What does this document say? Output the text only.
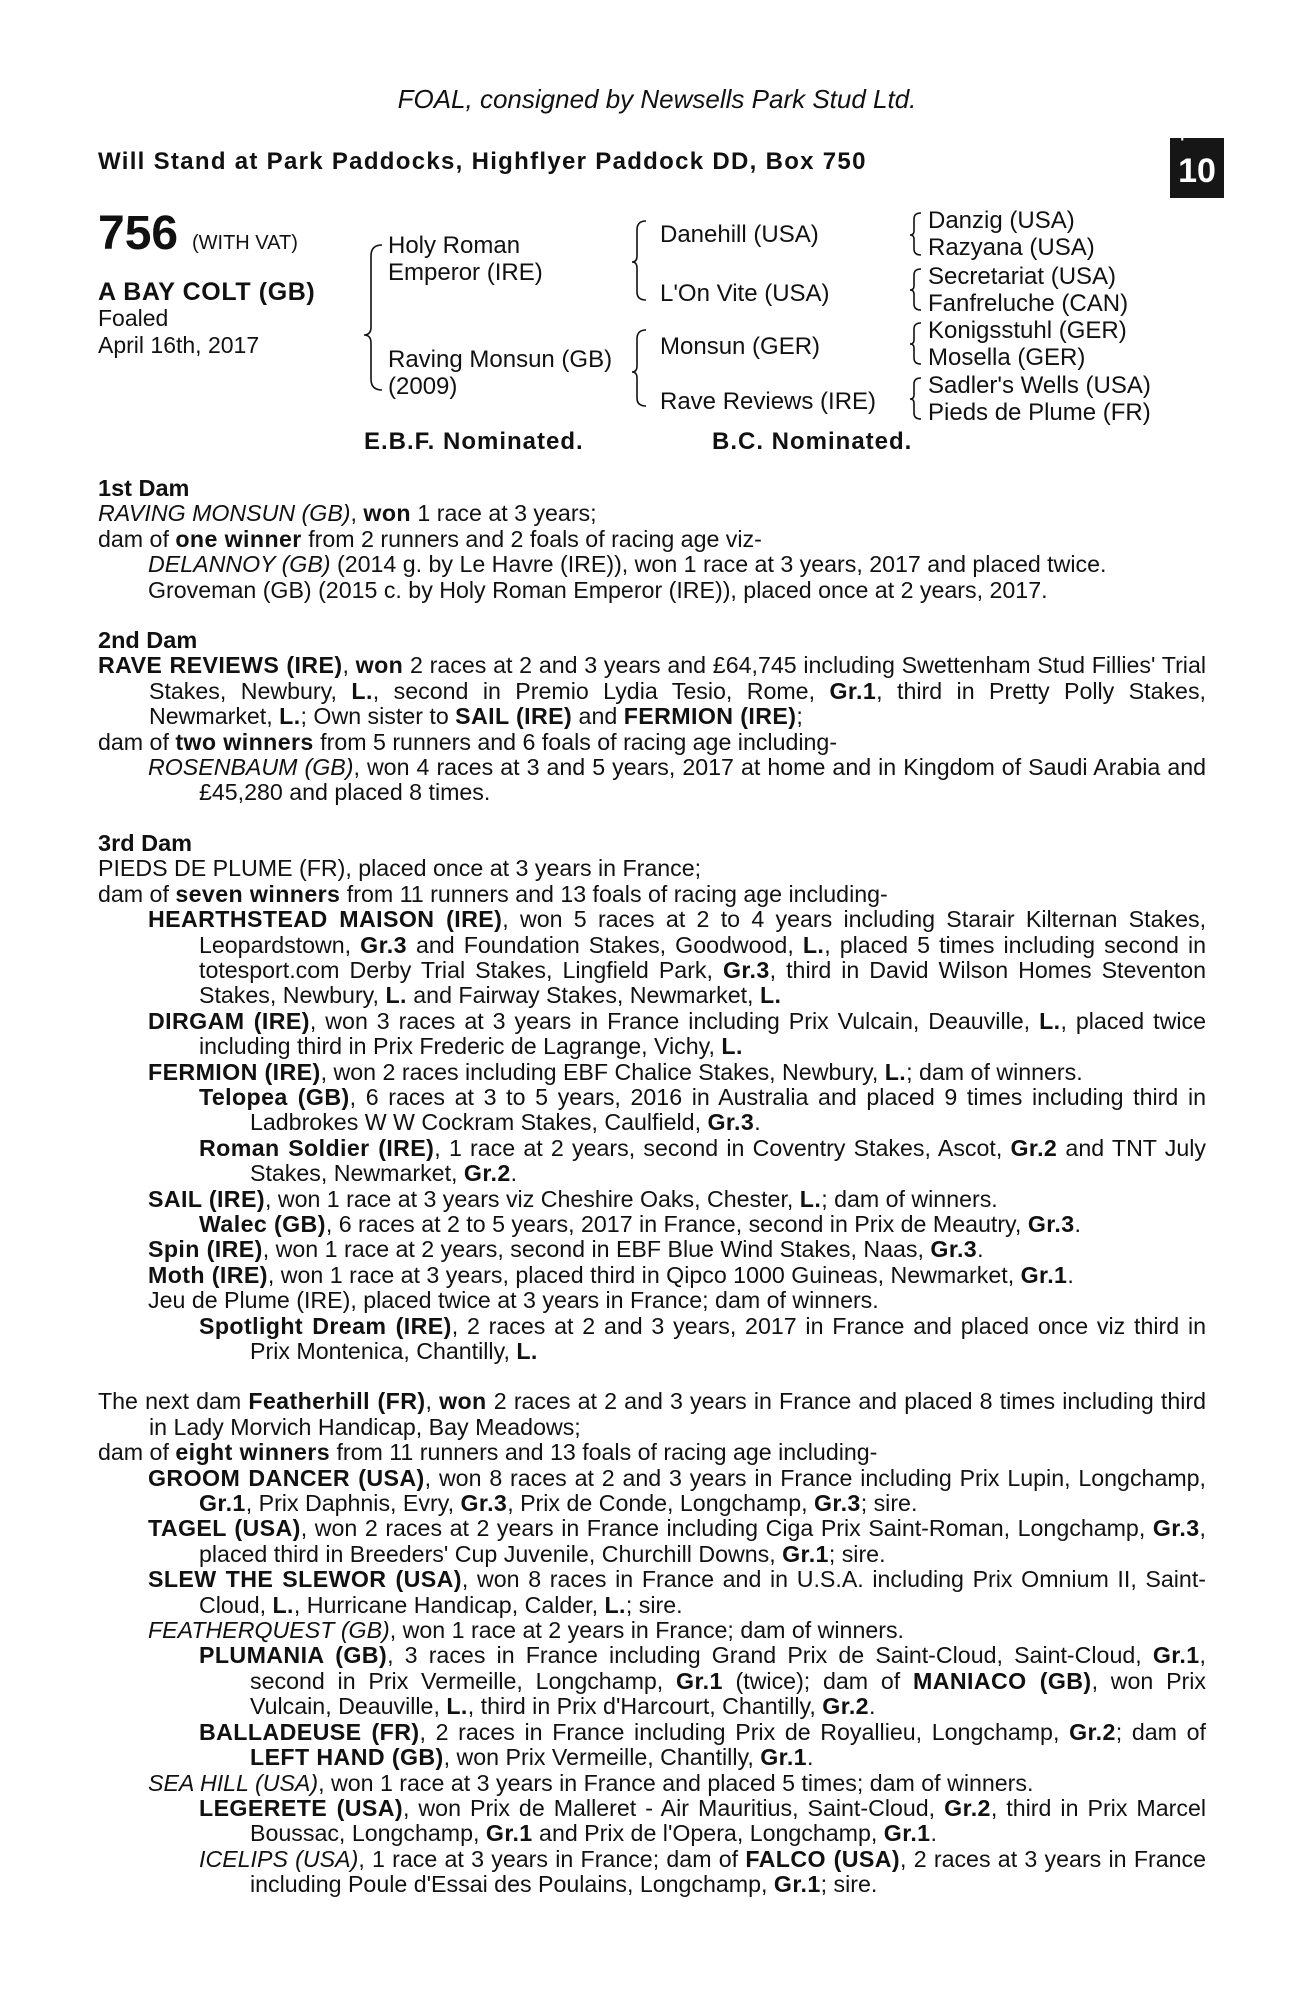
FOAL, consigned by Newsells Park Stud Ltd.
Will Stand at Park Paddocks, Highflyer Paddock DD, Box 750
+
10
756 (WITH VAT)
A BAY COLT (GB)
Foaled
April 16th, 2017
Holy Roman
Emperor (IRE)
Raving Monsun (GB)
(2009)
Danehill (USA)
L'On Vite (USA)
Monsun (GER)
Rave Reviews (IRE)
Danzig (USA)
Razyana (USA)
Secretariat (USA)
Fanfreluche (CAN)
Konigsstuhl (GER)
Mosella (GER)
Sadler's Wells (USA)
Pieds de Plume (FR)
E.B.F. Nominated.	B.C. Nominated.

1st Dam

RAVING MONSUN (GB), won 1 race at 3 years;

dam of one winner from 2 runners and 2 foals of racing age viz-

DELANNOY (GB) (2014 g. by Le Havre (IRE)), won 1 race at 3 years, 2017 and placed twice.

Groveman (GB) (2015 c. by Holy Roman Emperor (IRE)), placed once at 2 years, 2017.

2nd Dam

RAVE REVIEWS (IRE), won 2 races at 2 and 3 years and £64,745 including Swettenham Stud Fillies' Trial Stakes, Newbury, L., second in Premio Lydia Tesio, Rome, Gr.1, third in Pretty Polly Stakes, Newmarket, L.; Own sister to SAIL (IRE) and FERMION (IRE);

dam of two winners from 5 runners and 6 foals of racing age including-

ROSENBAUM (GB), won 4 races at 3 and 5 years, 2017 at home and in Kingdom of Saudi Arabia and £45,280 and placed 8 times.

3rd Dam

PIEDS DE PLUME (FR), placed once at 3 years in France;

dam of seven winners from 11 runners and 13 foals of racing age including-

HEARTHSTEAD MAISON (IRE), won 5 races at 2 to 4 years including Starair Kilternan Stakes, Leopardstown, Gr.3 and Foundation Stakes, Goodwood, L., placed 5 times including second in totesport.com Derby Trial Stakes, Lingfield Park, Gr.3, third in David Wilson Homes Steventon Stakes, Newbury, L. and Fairway Stakes, Newmarket, L.

DIRGAM (IRE), won 3 races at 3 years in France including Prix Vulcain, Deauville, L., placed twice including third in Prix Frederic de Lagrange, Vichy, L.

FERMION (IRE), won 2 races including EBF Chalice Stakes, Newbury, L.; dam of winners.

Telopea (GB), 6 races at 3 to 5 years, 2016 in Australia and placed 9 times including third in Ladbrokes W W Cockram Stakes, Caulfield, Gr.3.

Roman Soldier (IRE), 1 race at 2 years, second in Coventry Stakes, Ascot, Gr.2 and TNT July Stakes, Newmarket, Gr.2.

SAIL (IRE), won 1 race at 3 years viz Cheshire Oaks, Chester, L.; dam of winners.

Walec (GB), 6 races at 2 to 5 years, 2017 in France, second in Prix de Meautry, Gr.3.

Spin (IRE), won 1 race at 2 years, second in EBF Blue Wind Stakes, Naas, Gr.3.

Moth (IRE), won 1 race at 3 years, placed third in Qipco 1000 Guineas, Newmarket, Gr.1.

Jeu de Plume (IRE), placed twice at 3 years in France; dam of winners.

Spotlight Dream (IRE), 2 races at 2 and 3 years, 2017 in France and placed once viz third in Prix Montenica, Chantilly, L.

The next dam Featherhill (FR), won 2 races at 2 and 3 years in France and placed 8 times including third in Lady Morvich Handicap, Bay Meadows;

dam of eight winners from 11 runners and 13 foals of racing age including-

GROOM DANCER (USA), won 8 races at 2 and 3 years in France including Prix Lupin, Longchamp, Gr.1, Prix Daphnis, Evry, Gr.3, Prix de Conde, Longchamp, Gr.3; sire.

TAGEL (USA), won 2 races at 2 years in France including Ciga Prix Saint-Roman, Longchamp, Gr.3, placed third in Breeders' Cup Juvenile, Churchill Downs, Gr.1; sire.

SLEW THE SLEWOR (USA), won 8 races in France and in U.S.A. including Prix Omnium II, Saint-Cloud, L., Hurricane Handicap, Calder, L.; sire.

FEATHERQUEST (GB), won 1 race at 2 years in France; dam of winners.

PLUMANIA (GB), 3 races in France including Grand Prix de Saint-Cloud, Saint-Cloud, Gr.1, second in Prix Vermeille, Longchamp, Gr.1 (twice); dam of MANIACO (GB), won Prix Vulcain, Deauville, L., third in Prix d'Harcourt, Chantilly, Gr.2.

BALLADEUSE (FR), 2 races in France including Prix de Royallieu, Longchamp, Gr.2; dam of LEFT HAND (GB), won Prix Vermeille, Chantilly, Gr.1.

SEA HILL (USA), won 1 race at 3 years in France and placed 5 times; dam of winners.

LEGERETE (USA), won Prix de Malleret - Air Mauritius, Saint-Cloud, Gr.2, third in Prix Marcel Boussac, Longchamp, Gr.1 and Prix de l'Opera, Longchamp, Gr.1.

ICELIPS (USA), 1 race at 3 years in France; dam of FALCO (USA), 2 races at 3 years in France including Poule d'Essai des Poulains, Longchamp, Gr.1; sire.
